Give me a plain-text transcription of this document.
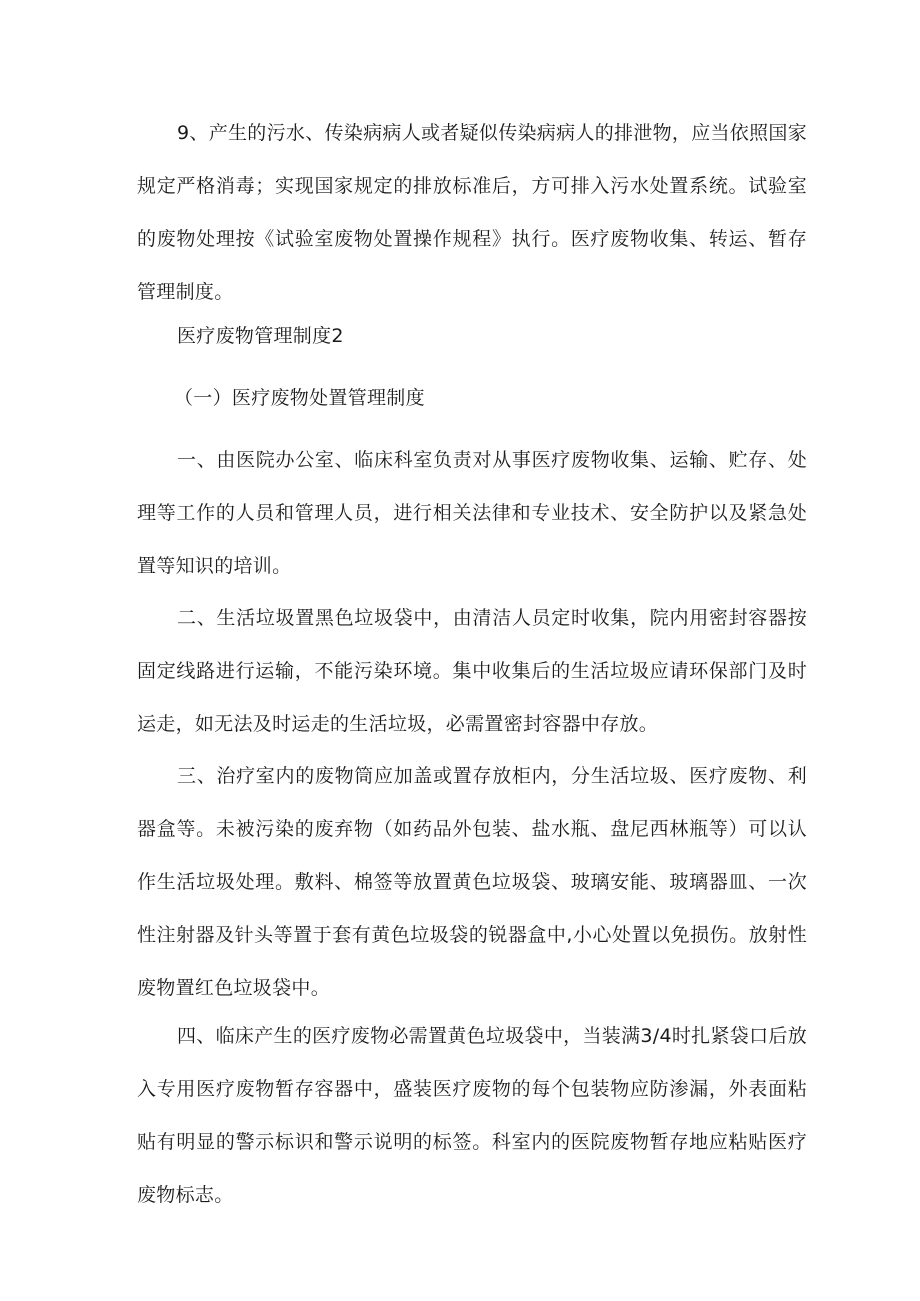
9、产生的污水、传染病病人或者疑似传染病病人的排泄物，应当依照国家规定严格消毒；实现国家规定的排放标准后，方可排入污水处置系统。试验室的废物处理按《试验室废物处置操作规程》执行。医疗废物收集、转运、暂存管理制度。

医疗废物管理制度2

（一）医疗废物处置管理制度

一、由医院办公室、临床科室负责对从事医疗废物收集、运输、贮存、处理等工作的人员和管理人员，进行相关法律和专业技术、安全防护以及紧急处置等知识的培训。

二、生活垃圾置黑色垃圾袋中，由清洁人员定时收集，院内用密封容器按固定线路进行运输，不能污染环境。集中收集后的生活垃圾应请环保部门及时运走，如无法及时运走的生活垃圾，必需置密封容器中存放。

三、治疗室内的废物筒应加盖或置存放柜内，分生活垃圾、医疗废物、利器盒等。未被污染的废弃物（如药品外包装、盐水瓶、盘尼西林瓶等）可以认作生活垃圾处理。敷料、棉签等放置黄色垃圾袋、玻璃安能、玻璃器皿、一次性注射器及针头等置于套有黄色垃圾袋的锐器盒中,小心处置以免损伤。放射性废物置红色垃圾袋中。

四、临床产生的医疗废物必需置黄色垃圾袋中，当装满3/4时扎紧袋口后放入专用医疗废物暂存容器中，盛装医疗废物的每个包装物应防渗漏，外表面粘贴有明显的警示标识和警示说明的标签。科室内的医院废物暂存地应粘贴医疗废物标志。
